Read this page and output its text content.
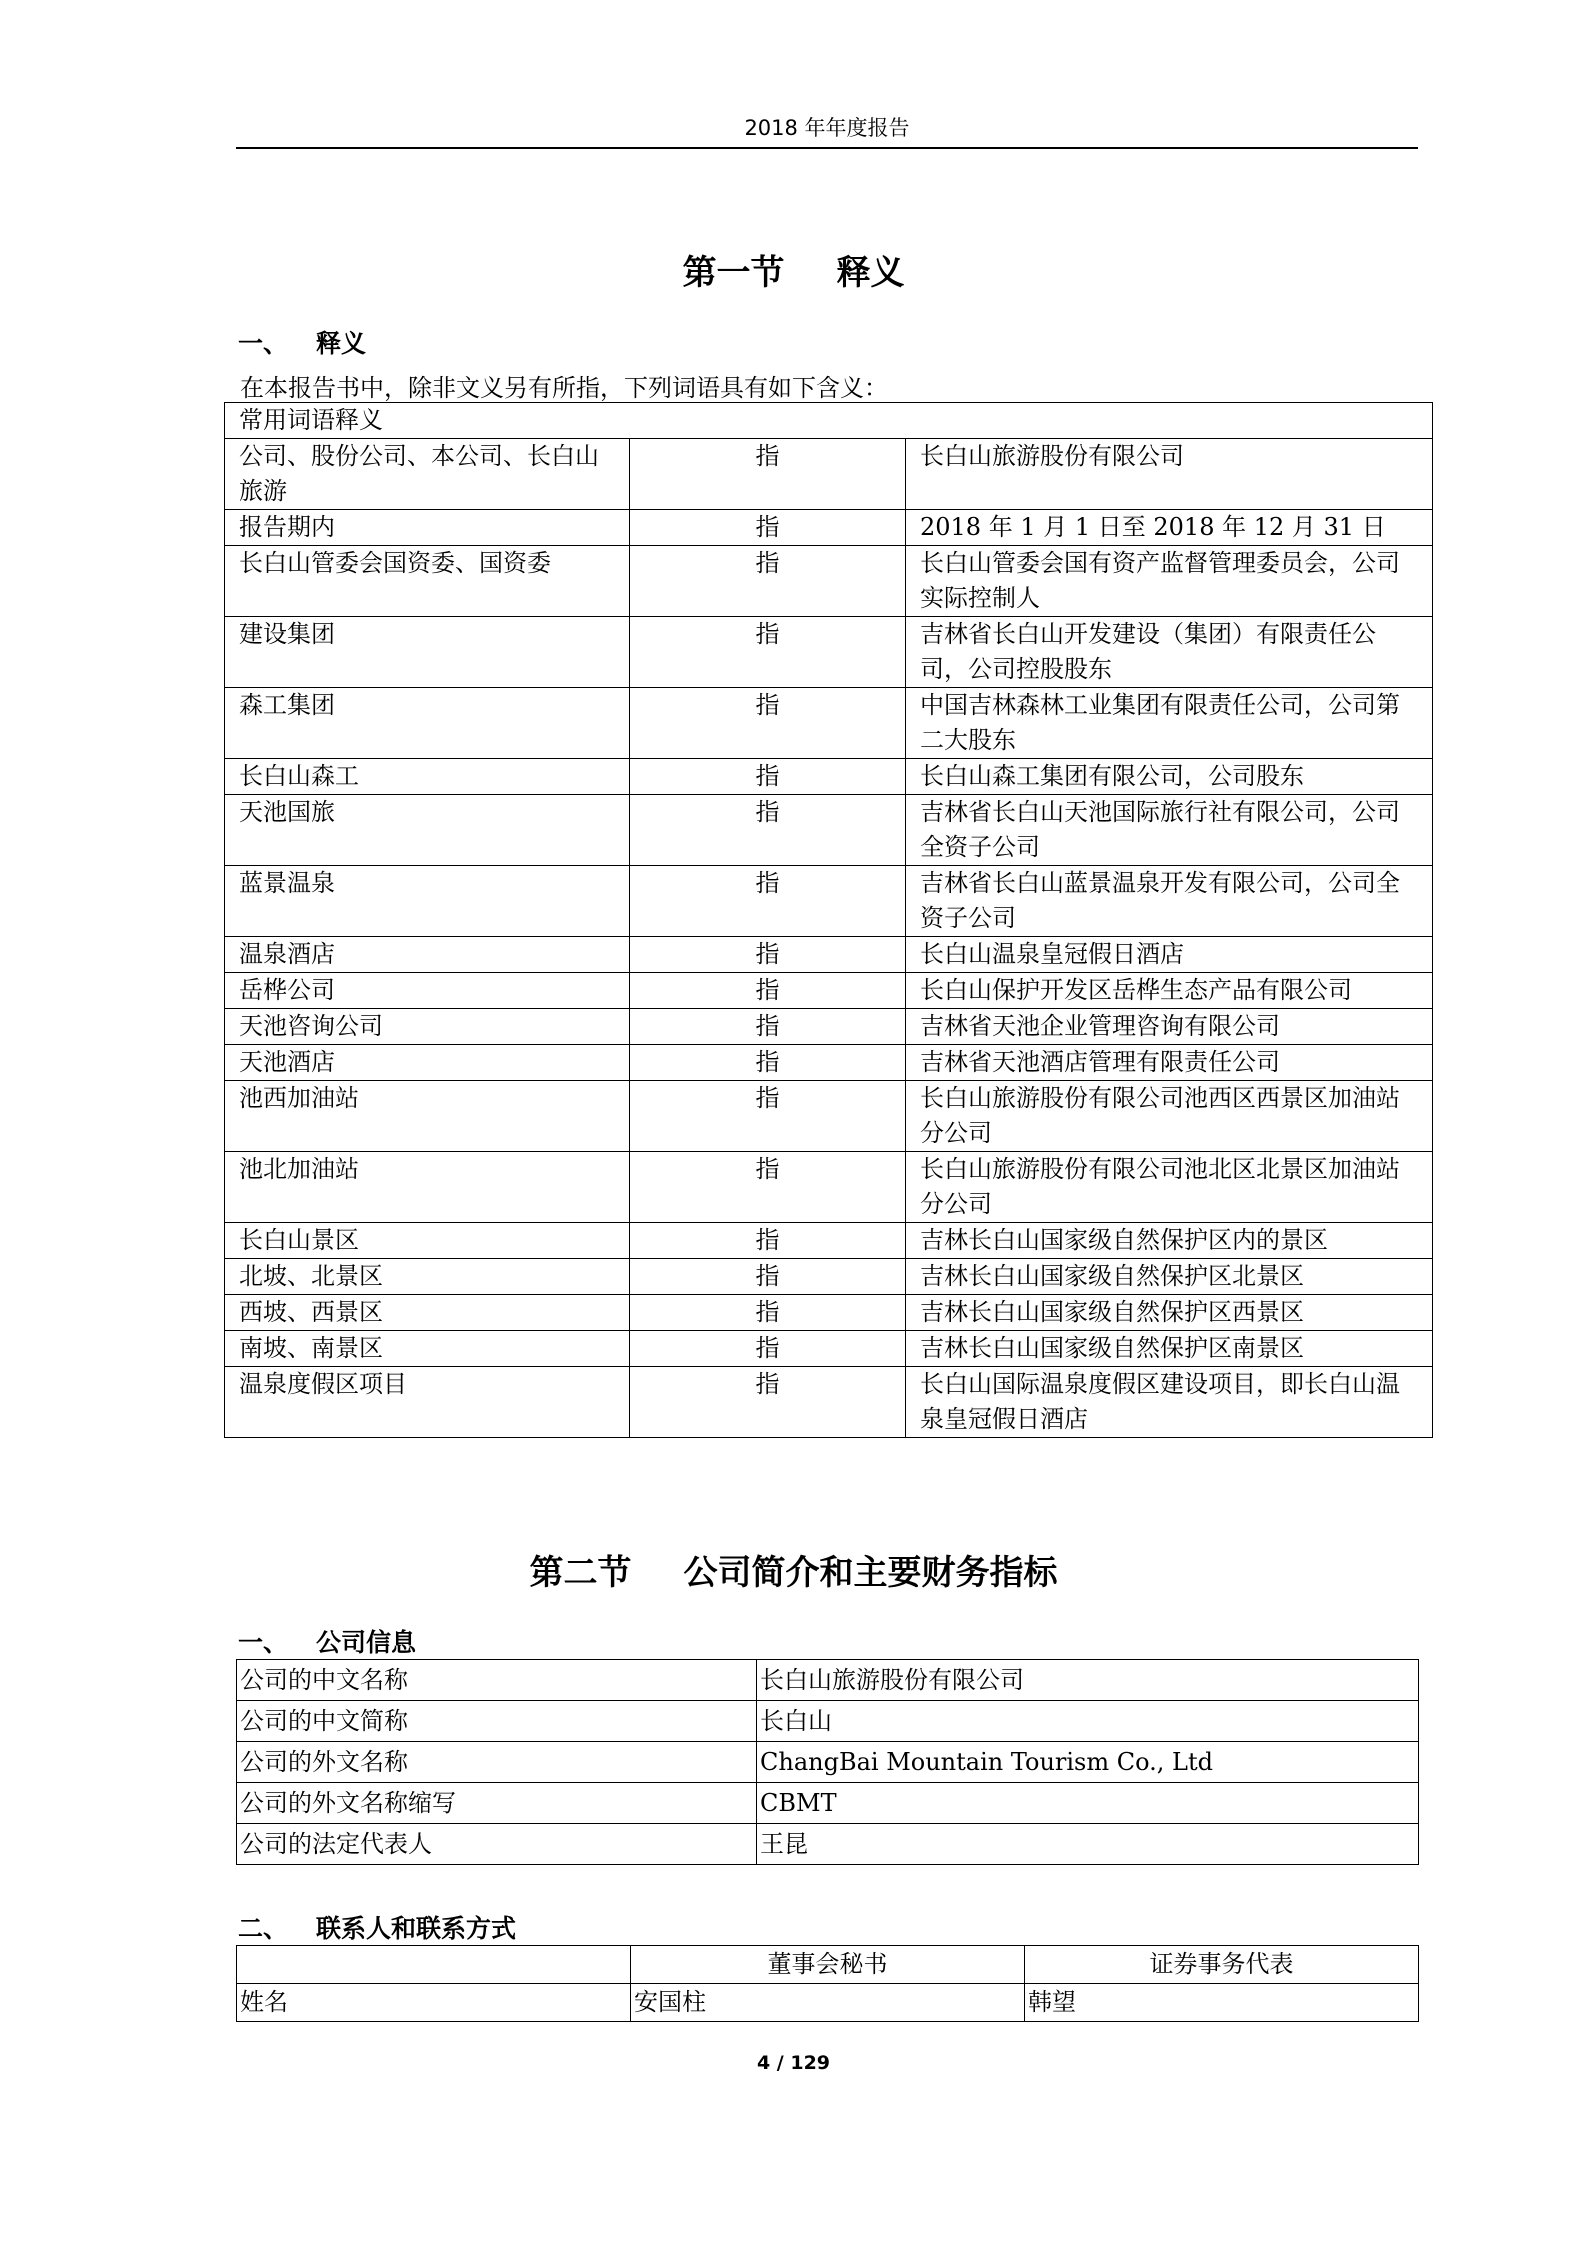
2018 年年度报告
第一节 释义
一、 释义
在本报告书中，除非文义另有所指，下列词语具有如下含义：
常用词语释义		
公司、股份公司、本公司、长白山旅游	指	长白山旅游股份有限公司
报告期内	指	2018 年 1 月 1 日至 2018 年 12 月 31 日
长白山管委会国资委、国资委	指	长白山管委会国有资产监督管理委员会，公司实际控制人
建设集团	指	吉林省长白山开发建设（集团）有限责任公司，公司控股股东
森工集团	指	中国吉林森林工业集团有限责任公司，公司第二大股东
长白山森工	指	长白山森工集团有限公司，公司股东
天池国旅	指	吉林省长白山天池国际旅行社有限公司，公司全资子公司
蓝景温泉	指	吉林省长白山蓝景温泉开发有限公司，公司全资子公司
温泉酒店	指	长白山温泉皇冠假日酒店
岳桦公司	指	长白山保护开发区岳桦生态产品有限公司
天池咨询公司	指	吉林省天池企业管理咨询有限公司
天池酒店	指	吉林省天池酒店管理有限责任公司
池西加油站	指	长白山旅游股份有限公司池西区西景区加油站分公司
池北加油站	指	长白山旅游股份有限公司池北区北景区加油站分公司
长白山景区	指	吉林长白山国家级自然保护区内的景区
北坡、北景区	指	吉林长白山国家级自然保护区北景区
西坡、西景区	指	吉林长白山国家级自然保护区西景区
南坡、南景区	指	吉林长白山国家级自然保护区南景区
温泉度假区项目	指	长白山国际温泉度假区建设项目，即长白山温泉皇冠假日酒店
第二节 公司简介和主要财务指标
一、 公司信息
公司的中文名称	长白山旅游股份有限公司
公司的中文简称	长白山
公司的外文名称	ChangBai Mountain Tourism Co., Ltd
公司的外文名称缩写	CBMT
公司的法定代表人	王昆
二、 联系人和联系方式
	董事会秘书	证券事务代表
姓名	安国柱	韩望
4 / 129
